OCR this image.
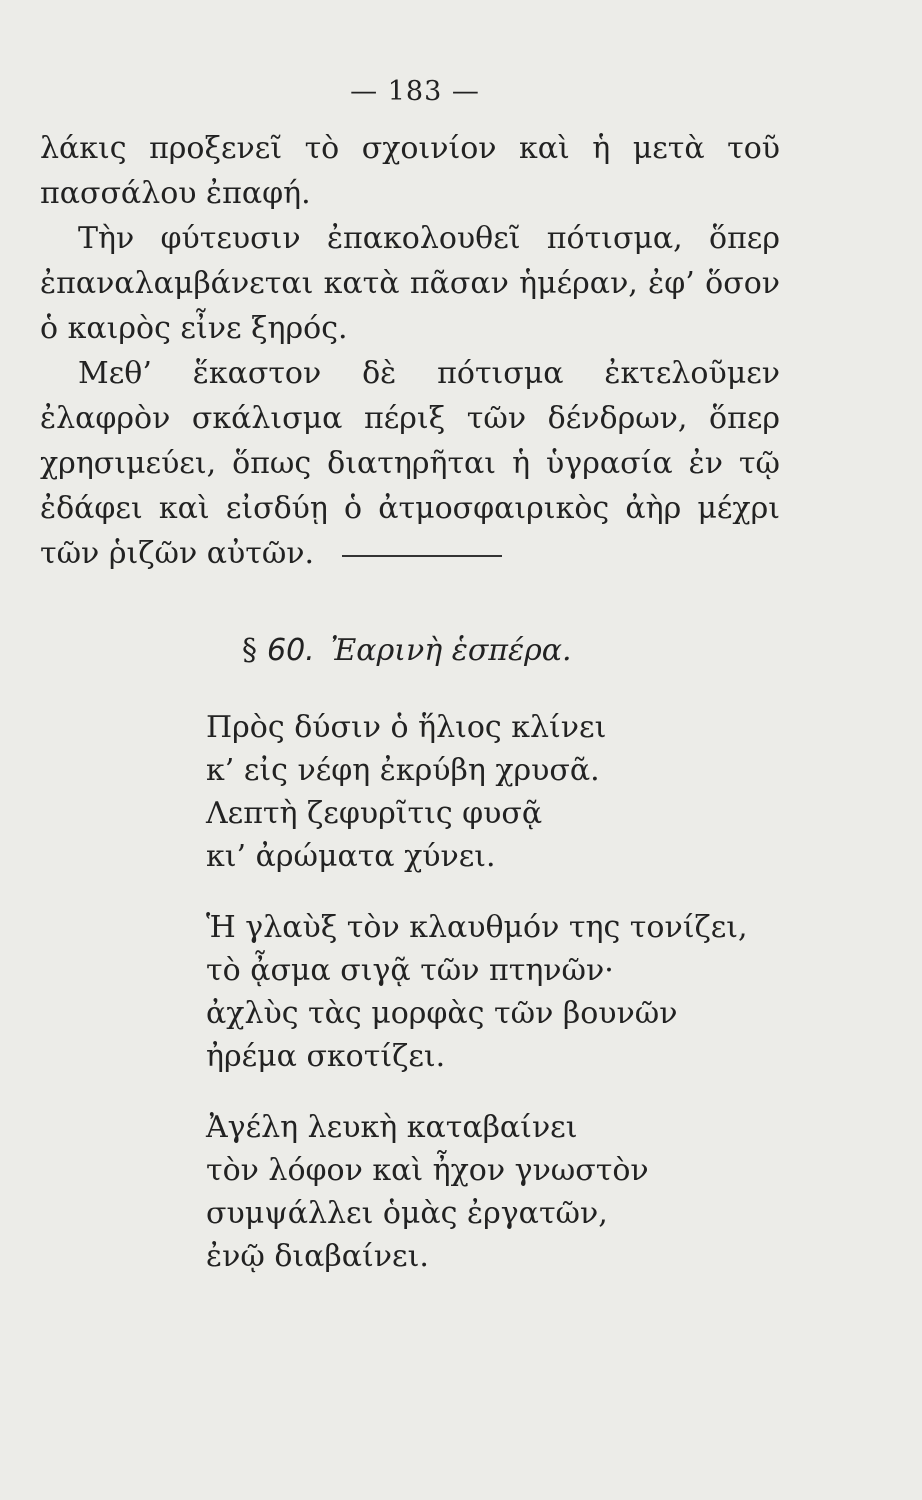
— 183 —

λάκις προξενεῖ τὸ σχοινίον καὶ ἡ μετὰ τοῦ πασσάλου ἐπαφή.

Τὴν φύτευσιν ἐπακολουθεῖ πότισμα, ὅπερ ἐπαναλαμβάνεται κατὰ πᾶσαν ἡμέραν, ἐφ’ ὅσον ὁ καιρὸς εἶνε ξηρός.

Μεθ’ ἕκαστον δὲ πότισμα ἐκτελοῦμεν ἐλαφρὸν σκάλισμα πέριξ τῶν δένδρων, ὅπερ χρησιμεύει, ὅπως διατηρῆται ἡ ὑγρασία ἐν τῷ ἐδάφει καὶ εἰσδύῃ ὁ ἀτμοσφαιρικὸς ἀὴρ μέχρι τῶν ῥιζῶν αὐτῶν.

§ 60. Ἐαρινὴ ἑσπέρα.
Πρὸς δύσιν ὁ ἥλιος κλίνει
κ’ εἰς νέφη ἐκρύβη χρυσᾶ.
Λεπτὴ ζεφυρῖτις φυσᾷ
κι’ ἀρώματα χύνει.
Ἡ γλαὺξ τὸν κλαυθμόν της τονίζει,
τὸ ᾆσμα σιγᾷ τῶν πτηνῶν·
ἀχλὺς τὰς μορφὰς τῶν βουνῶν
ἠρέμα σκοτίζει.
Ἀγέλη λευκὴ καταβαίνει
τὸν λόφον καὶ ἦχον γνωστὸν
συμψάλλει ὁμὰς ἐργατῶν,
ἐνῷ διαβαίνει.
